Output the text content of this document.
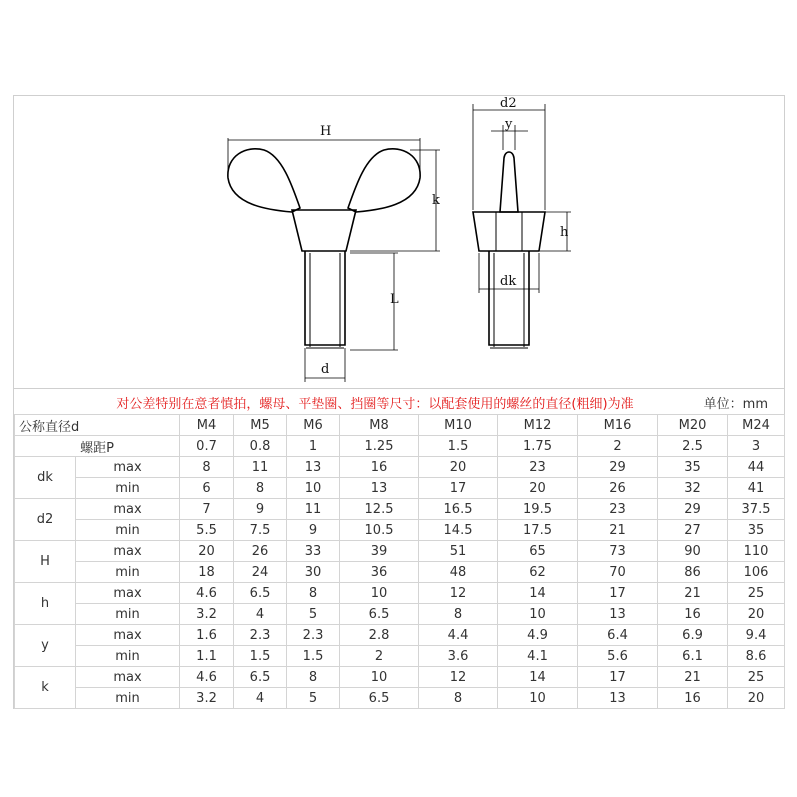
H
k
L
d
d2
y
h
dk
对公差特别在意者慎拍，螺母、平垫圈、挡圈等尺寸：以配套使用的螺丝的直径(粗细)为准	单位：mm
公称直径d		M4	M5	M6	M8	M10	M12	M16	M20	M24
螺距P		0.7	0.8	1	1.25	1.5	1.75	2	2.5	3
dk	max	8	11	13	16	20	23	29	35	44
	min	6	8	10	13	17	20	26	32	41
d2	max	7	9	11	12.5	16.5	19.5	23	29	37.5
	min	5.5	7.5	9	10.5	14.5	17.5	21	27	35
H	max	20	26	33	39	51	65	73	90	110
	min	18	24	30	36	48	62	70	86	106
h	max	4.6	6.5	8	10	12	14	17	21	25
	min	3.2	4	5	6.5	8	10	13	16	20
y	max	1.6	2.3	2.3	2.8	4.4	4.9	6.4	6.9	9.4
	min	1.1	1.5	1.5	2	3.6	4.1	5.6	6.1	8.6
k	max	4.6	6.5	8	10	12	14	17	21	25
	min	3.2	4	5	6.5	8	10	13	16	20
